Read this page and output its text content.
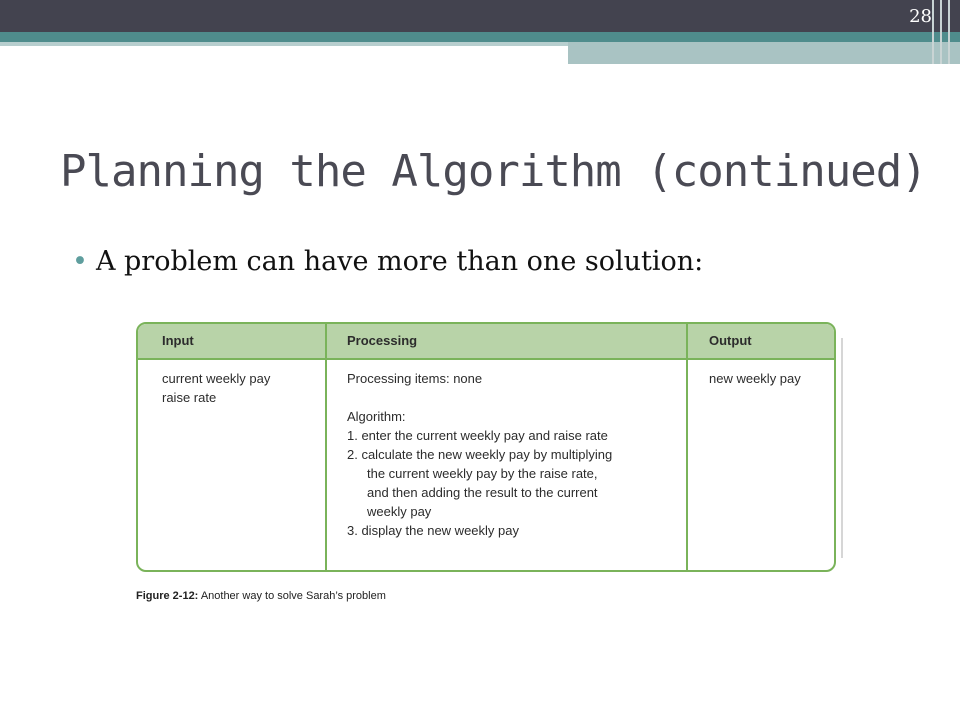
28
Planning the Algorithm (continued)
• A problem can have more than one solution:
Input	Processing	Output
current weekly pay
raise rate
Processing items: none
Algorithm:
1. enter the current weekly pay and raise rate
2. calculate the new weekly pay by multiplying
the current weekly pay by the raise rate,
and then adding the result to the current
weekly pay
3. display the new weekly pay
new weekly pay
Figure 2-12: Another way to solve Sarah’s problem
